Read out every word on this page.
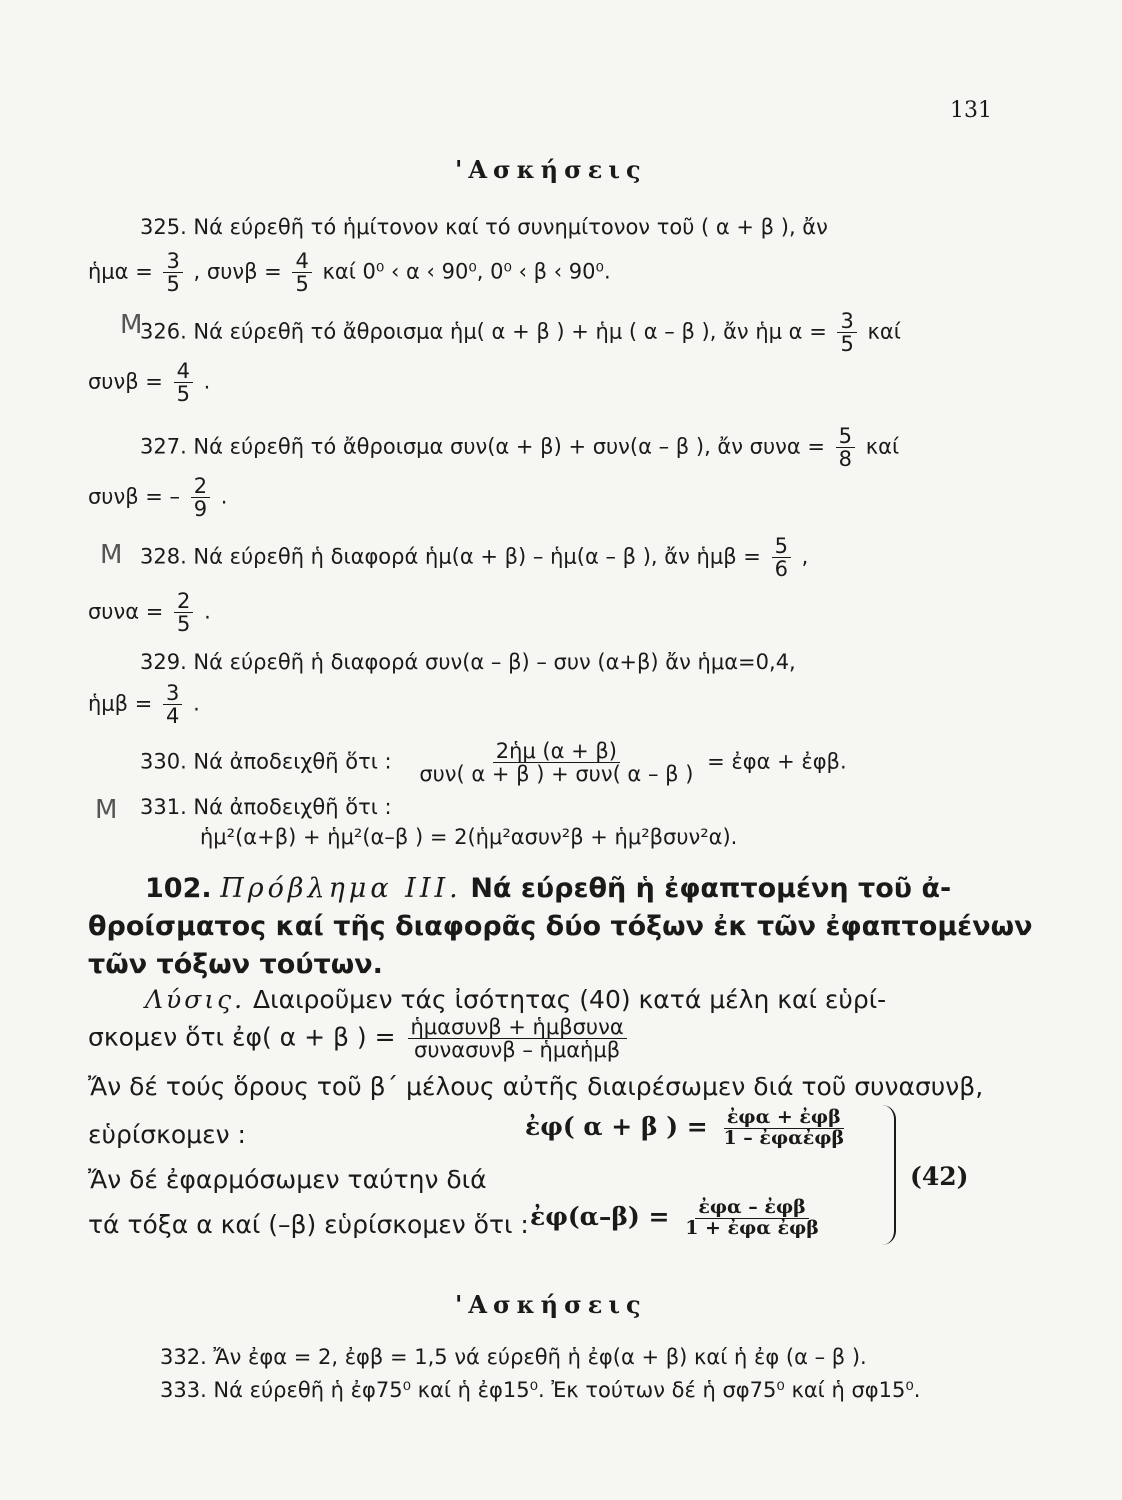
131
'Ασκήσεις
325. Νά εύρεθῆ τό ἡμίτονον καί τό συνημίτονον τοῦ ( α + β ), ἄν
ἡμα = $\frac{3}{5}$ , $\sigma\upsilon\nu\beta = \frac{4}{5}$ καί 0⁰ ‹ α ‹ 90⁰, 0⁰ ‹ β ‹ 90⁰.
M
326. Νά εύρεθῆ τό ἄθροισμα ἡμ( α + β ) + ἡμ ( α – β ), ἄν ἡμ $\alpha = \frac{3}{5}$ καί
$\sigma\upsilon\nu\beta = \frac{4}{5}$ .
327. Νά εύρεθῆ τό ἄθροισμα συν(α + β) + συν(α – β ), ἄν $\sigma\upsilon\nu\alpha = \frac{5}{8}$ καί
συνβ = – $\frac{2}{9}$ .
M 328. Νά εύρεθῆ ἡ διαφορά ἡμ(α + β) – ἡμ(α – β ), ἄν ἡμβ = $\frac{5}{6}$ ,
$\sigma\upsilon\nu\alpha = \frac{2}{5}$ .
329. Νά εύρεθῆ ἡ διαφορά συν(α – β) – συν (α+β) ἄν ἡμα=0,4,
ἡμβ = $\frac{3}{4}$ .
330. Νά ἀποδειχθῆ ὅτι : $\frac{\text{2ἡμ (α + β)}}{\text{συν( α + β ) + συν( α – β )}}$ = ἐφα + ἐφβ.
M 331. Νά ἀποδειχθῆ ὅτι :
ἡμ²(α+β) + ἡμ²(α–β ) = 2(ἡμ²ασυν²β + ἡμ²βσυν²α).
102. Πρόβλημα III. Νά εύρεθῆ ἡ ἐφαπτομένη τοῦ ἀ-
θροίσματος καί τῆς διαφορᾶς δύο τόξων ἐκ τῶν ἐφαπτομένων
τῶν τόξων τούτων.
Λύσις. Διαιροῦμεν τάς ἰσότητας (40) κατά μέλη καί εὑρί-
σκομεν ὅτι ἐφ( α + β ) = $\frac{\text{ἡμασυνβ + ἡμβσυνα}}{\text{συνασυνβ – ἡμαἡμβ}}$
Ἄν δέ τούς ὅρους τοῦ β΄ μέλους αὐτῆς διαιρέσωμεν διά τοῦ συνασυνβ,
εὑρίσκομεν :	ἐφ( α + β ) = $\frac{\text{ἐφα + ἐφβ}}{\text{1 – ἐφαἐφβ}}$
Ἄν δέ ἐφαρμόσωμεν ταύτην διά
τά τόξα α καί (–β) εὑρίσκομεν ὅτι : ἐφ(α–β) = $\frac{\text{ἐφα – ἐφβ}}{\text{1 + ἐφα ἐφβ}}$
(42)
'Ασκήσεις
332. Ἄν ἐφα = 2, ἐφβ = 1,5 νά εύρεθῆ ἡ ἐφ(α + β) καί ἡ ἐφ (α – β ).
333. Νά εύρεθῆ ἡ ἐφ75⁰ καί ἡ ἐφ15⁰. Ἐκ τούτων δέ ἡ σφ75⁰ καί ἡ σφ15⁰.
